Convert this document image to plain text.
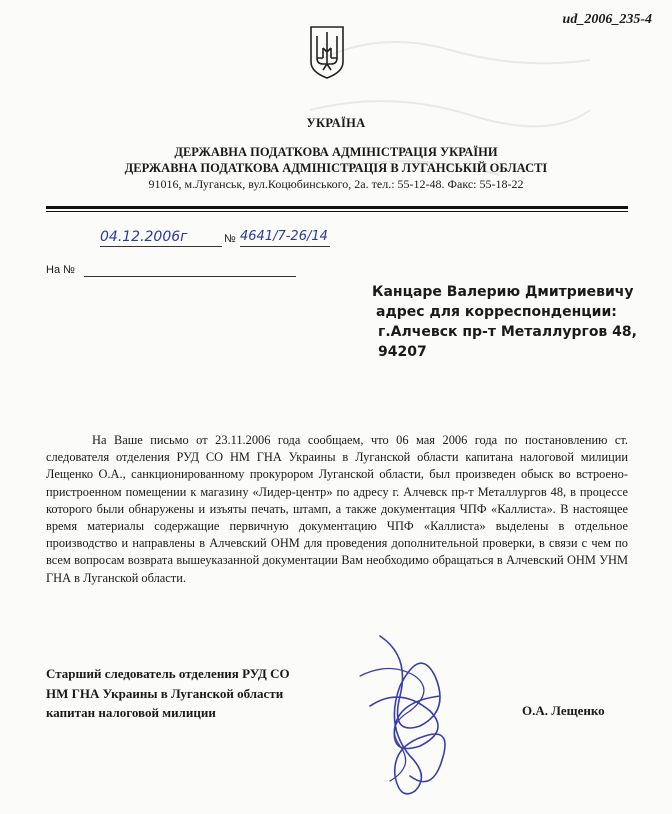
ud_2006_235-4
УКРАЇНА
ДЕРЖАВНА ПОДАТКОВА АДМІНІСТРАЦІЯ УКРАЇНИ
ДЕРЖАВНА ПОДАТКОВА АДМІНІСТРАЦІЯ В ЛУГАНСЬКІЙ ОБЛАСТІ
91016, м.Луганськ, вул.Коцюбинського, 2а. тел.: 55-12-48. Факс: 55-18-22
04.12.2006г	№ 4641/7-26/14
На №
Канцаре Валерию Дмитриевичу
адрес для корреспонденции:
г.Алчевск пр-т Металлургов 48,
94207

На Ваше письмо от 23.11.2006 года сообщаем, что 06 мая 2006 года по постановлению ст. следователя отделения РУД СО НМ ГНА Украины в Луганской области капитана налоговой милиции Лещенко О.А., санкционированному прокурором Луганской области, был произведен обыск во встроено-пристроенном помещении к магазину «Лидер-центр» по адресу г. Алчевск пр-т Металлургов 48, в процессе которого были обнаружены и изъяты печать, штамп, а также документация ЧПФ «Каллиста». В настоящее время материалы содержащие первичную документацию ЧПФ «Каллиста» выделены в отдельное производство и направлены в Алчевский ОНМ для проведения дополнительной проверки, в связи с чем по всем вопросам возврата вышеуказанной документации Вам необходимо обращаться в Алчевский ОНМ УНМ ГНА в Луганской области.

Старший следователь отделения РУД СО
НМ ГНА Украины в Луганской области
капитан налоговой милиции	О.А. Лещенко
